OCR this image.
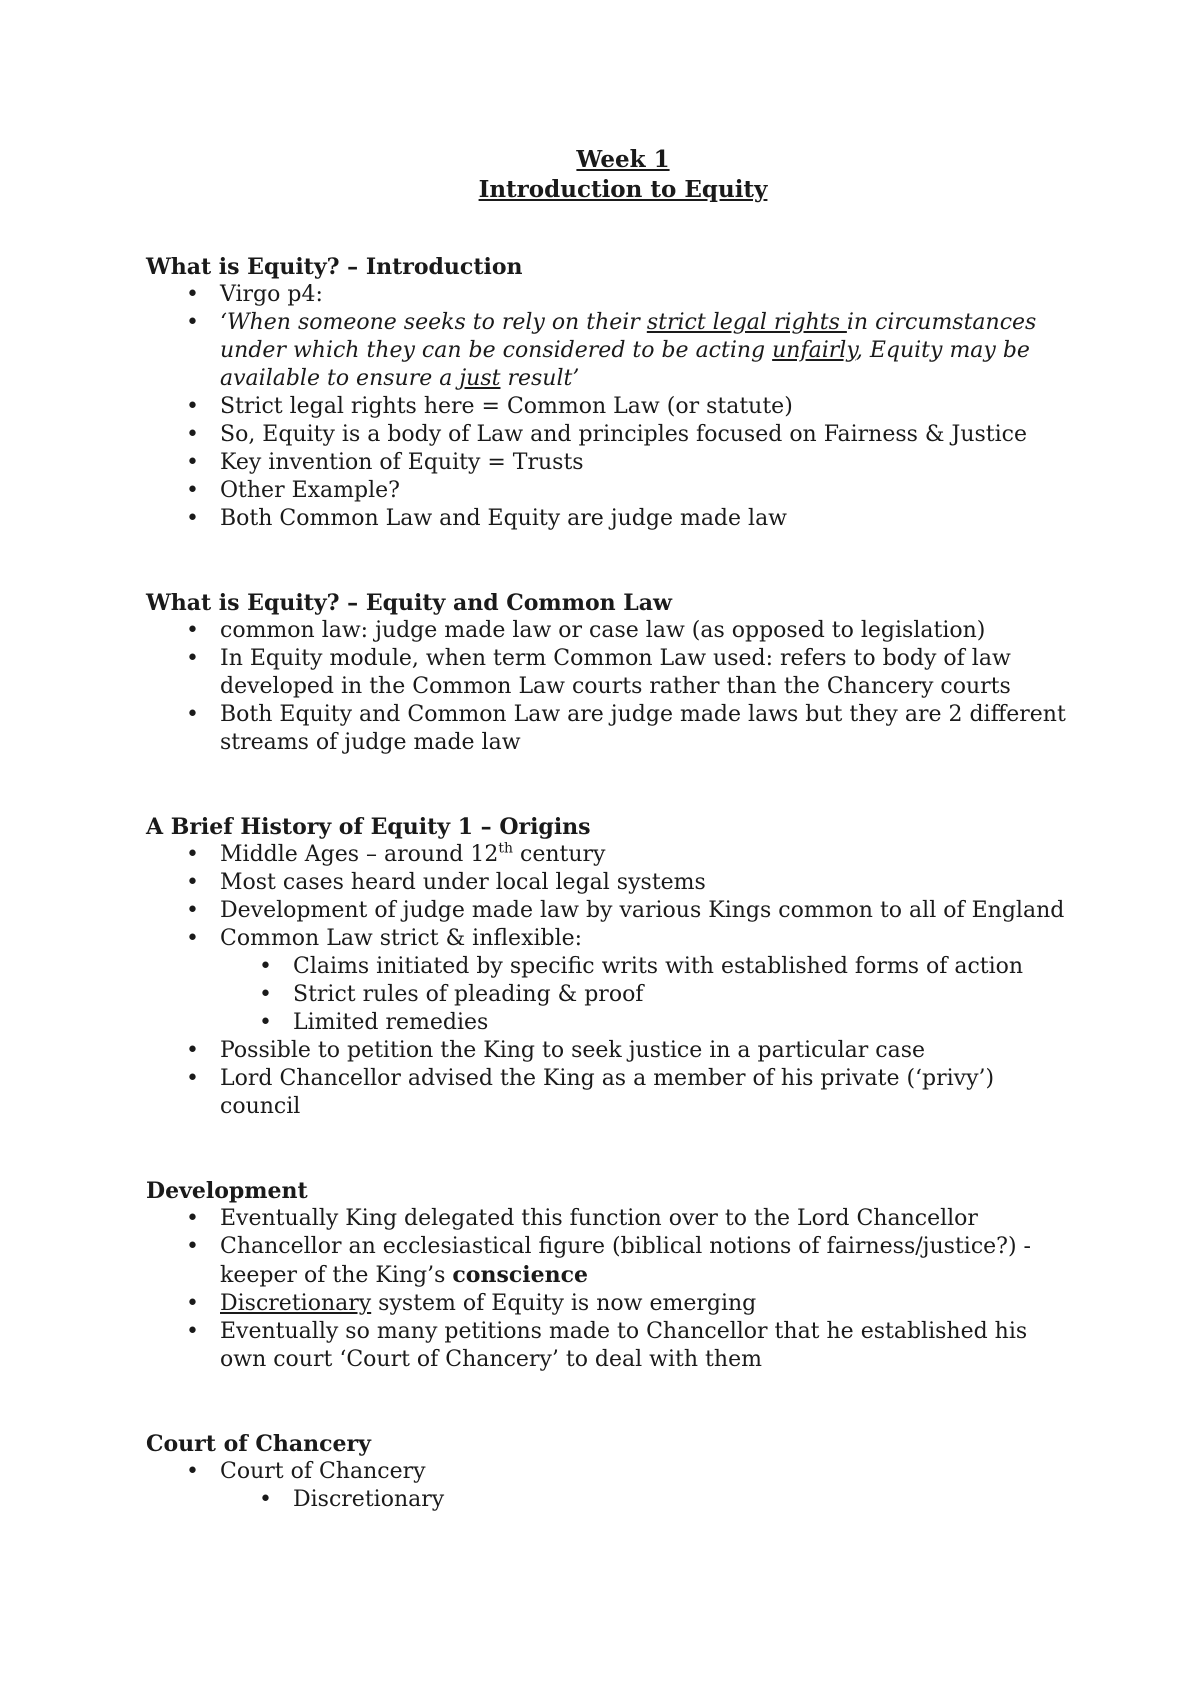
Week 1
Introduction to Equity
What is Equity? – Introduction
• Virgo p4:
• ‘When someone seeks to rely on their strict legal rights in circumstances under which they can be considered to be acting unfairly, Equity may be available to ensure a just result’
• Strict legal rights here = Common Law (or statute)
• So, Equity is a body of Law and principles focused on Fairness & Justice
• Key invention of Equity = Trusts
• Other Example?
• Both Common Law and Equity are judge made law
What is Equity? – Equity and Common Law
• common law: judge made law or case law (as opposed to legislation)
• In Equity module, when term Common Law used: refers to body of law developed in the Common Law courts rather than the Chancery courts
• Both Equity and Common Law are judge made laws but they are 2 different streams of judge made law
A Brief History of Equity 1 – Origins
• Middle Ages – around 12th century
• Most cases heard under local legal systems
• Development of judge made law by various Kings common to all of England
• Common Law strict & inflexible:
• Claims initiated by specific writs with established forms of action
• Strict rules of pleading & proof
• Limited remedies
• Possible to petition the King to seek justice in a particular case
• Lord Chancellor advised the King as a member of his private (‘privy’) council
Development
• Eventually King delegated this function over to the Lord Chancellor
• Chancellor an ecclesiastical figure (biblical notions of fairness/justice?) - keeper of the King’s conscience
• Discretionary system of Equity is now emerging
• Eventually so many petitions made to Chancellor that he established his own court ‘Court of Chancery’ to deal with them
Court of Chancery
• Court of Chancery
• Discretionary
